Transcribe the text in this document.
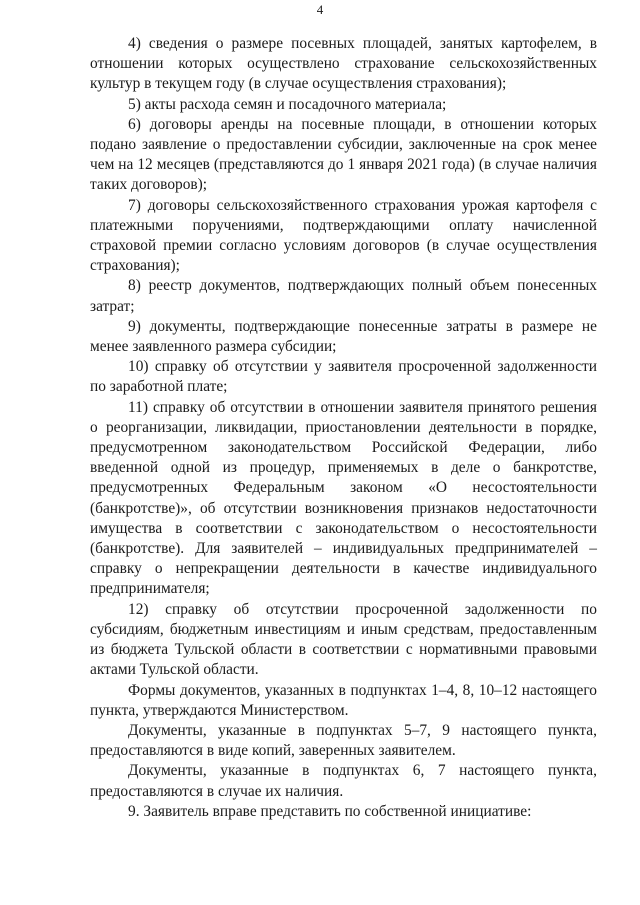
4

4) сведения о размере посевных площадей, занятых картофелем, в отношении которых осуществлено страхование сельскохозяйственных культур в текущем году (в случае осуществления страхования);

5) акты расхода семян и посадочного материала;

6) договоры аренды на посевные площади, в отношении которых подано заявление о предоставлении субсидии, заключенные на срок менее чем на 12 месяцев (представляются до 1 января 2021 года) (в случае наличия таких договоров);

7) договоры сельскохозяйственного страхования урожая картофеля с платежными поручениями, подтверждающими оплату начисленной страховой премии согласно условиям договоров (в случае осуществления страхования);

8) реестр документов, подтверждающих полный объем понесенных затрат;

9) документы, подтверждающие понесенные затраты в размере не менее заявленного размера субсидии;

10) справку об отсутствии у заявителя просроченной задолженности по заработной плате;

11) справку об отсутствии в отношении заявителя принятого решения о реорганизации, ликвидации, приостановлении деятельности в порядке, предусмотренном законодательством Российской Федерации, либо введенной одной из процедур, применяемых в деле о банкротстве, предусмотренных Федеральным законом «О несостоятельности (банкротстве)», об отсутствии возникновения признаков недостаточности имущества в соответствии с законодательством о несостоятельности (банкротстве). Для заявителей – индивидуальных предпринимателей – справку о непрекращении деятельности в качестве индивидуального предпринимателя;

12) справку об отсутствии просроченной задолженности по субсидиям, бюджетным инвестициям и иным средствам, предоставленным из бюджета Тульской области в соответствии с нормативными правовыми актами Тульской области.

Формы документов, указанных в подпунктах 1–4, 8, 10–12 настоящего пункта, утверждаются Министерством.

Документы, указанные в подпунктах 5–7, 9 настоящего пункта, предоставляются в виде копий, заверенных заявителем.

Документы, указанные в подпунктах 6, 7 настоящего пункта, предоставляются в случае их наличия.

9. Заявитель вправе представить по собственной инициативе:
